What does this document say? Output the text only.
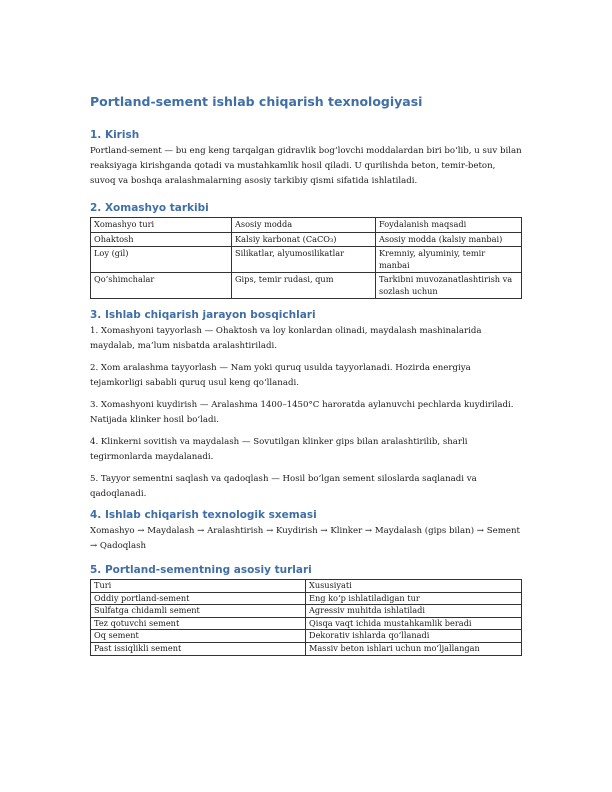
Portland-sement ishlab chiqarish texnologiyasi
1. Kirish

Portland-sement — bu eng keng tarqalgan gidravlik bog‘lovchi moddalardan biri bo‘lib, u suv bilan reaksiyaga kirishganda qotadi va mustahkamlik hosil qiladi. U qurilishda beton, temir-beton, suvoq va boshqa aralashmalarning asosiy tarkibiy qismi sifatida ishlatiladi.

2. Xomashyo tarkibi
Xomashyo turi	Asosiy modda	Foydalanish maqsadi
Ohaktosh	Kalsiy karbonat (CaCO₃)	Asosiy modda (kalsiy manbai)
Loy (gil)	Silikatlar, alyumosilikatlar	Kremniy, alyuminiy, temir manbai
Qo‘shimchalar	Gips, temir rudasi, qum	Tarkibni muvozanatlashtirish va sozlash uchun
3. Ishlab chiqarish jarayon bosqichlari

1. Xomashyoni tayyorlash — Ohaktosh va loy konlardan olinadi, maydalash mashinalarida maydalab, ma’lum nisbatda aralashtiriladi.

2. Xom aralashma tayyorlash — Nam yoki quruq usulda tayyorlanadi. Hozirda energiya tejamkorligi sababli quruq usul keng qo‘llanadi.

3. Xomashyoni kuydirish — Aralashma 1400–1450°C haroratda aylanuvchi pechlarda kuydiriladi. Natijada klinker hosil bo‘ladi.

4. Klinkerni sovitish va maydalash — Sovutilgan klinker gips bilan aralashtirilib, sharli tegirmonlarda maydalanadi.

5. Tayyor sementni saqlash va qadoqlash — Hosil bo‘lgan sement siloslarda saqlanadi va qadoqlanadi.

4. Ishlab chiqarish texnologik sxemasi

Xomashyo → Maydalash → Aralashtirish → Kuydirish → Klinker → Maydalash (gips bilan) → Sement → Qadoqlash

5. Portland-sementning asosiy turlari
Turi	Xususiyati
Oddiy portland-sement	Eng ko‘p ishlatiladigan tur
Sulfatga chidamli sement	Agressiv muhitda ishlatiladi
Tez qotuvchi sement	Qisqa vaqt ichida mustahkamlik beradi
Oq sement	Dekorativ ishlarda qo‘llanadi
Past issiqlikli sement	Massiv beton ishlari uchun mo‘ljallangan
